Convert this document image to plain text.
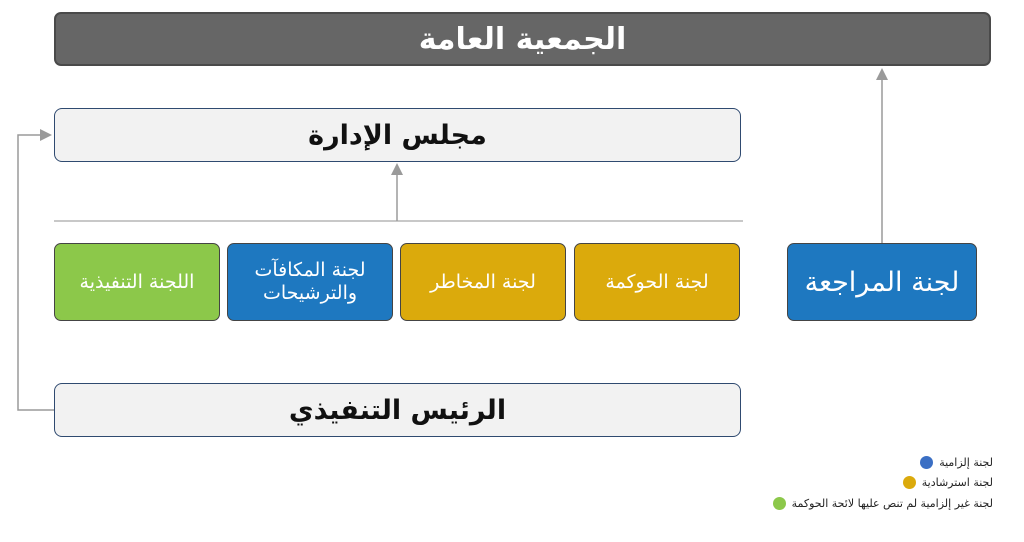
الجمعية العامة
مجلس الإدارة
لجنة الحوكمة
لجنة المخاطر
لجنة المكافآت
والترشيحات
اللجنة التنفيذية	لجنة المراجعة
الرئيس التنفيذي
لجنة إلزامية
لجنة استرشادية
لجنة غير إلزامية لم تنص عليها لائحة الحوكمة
